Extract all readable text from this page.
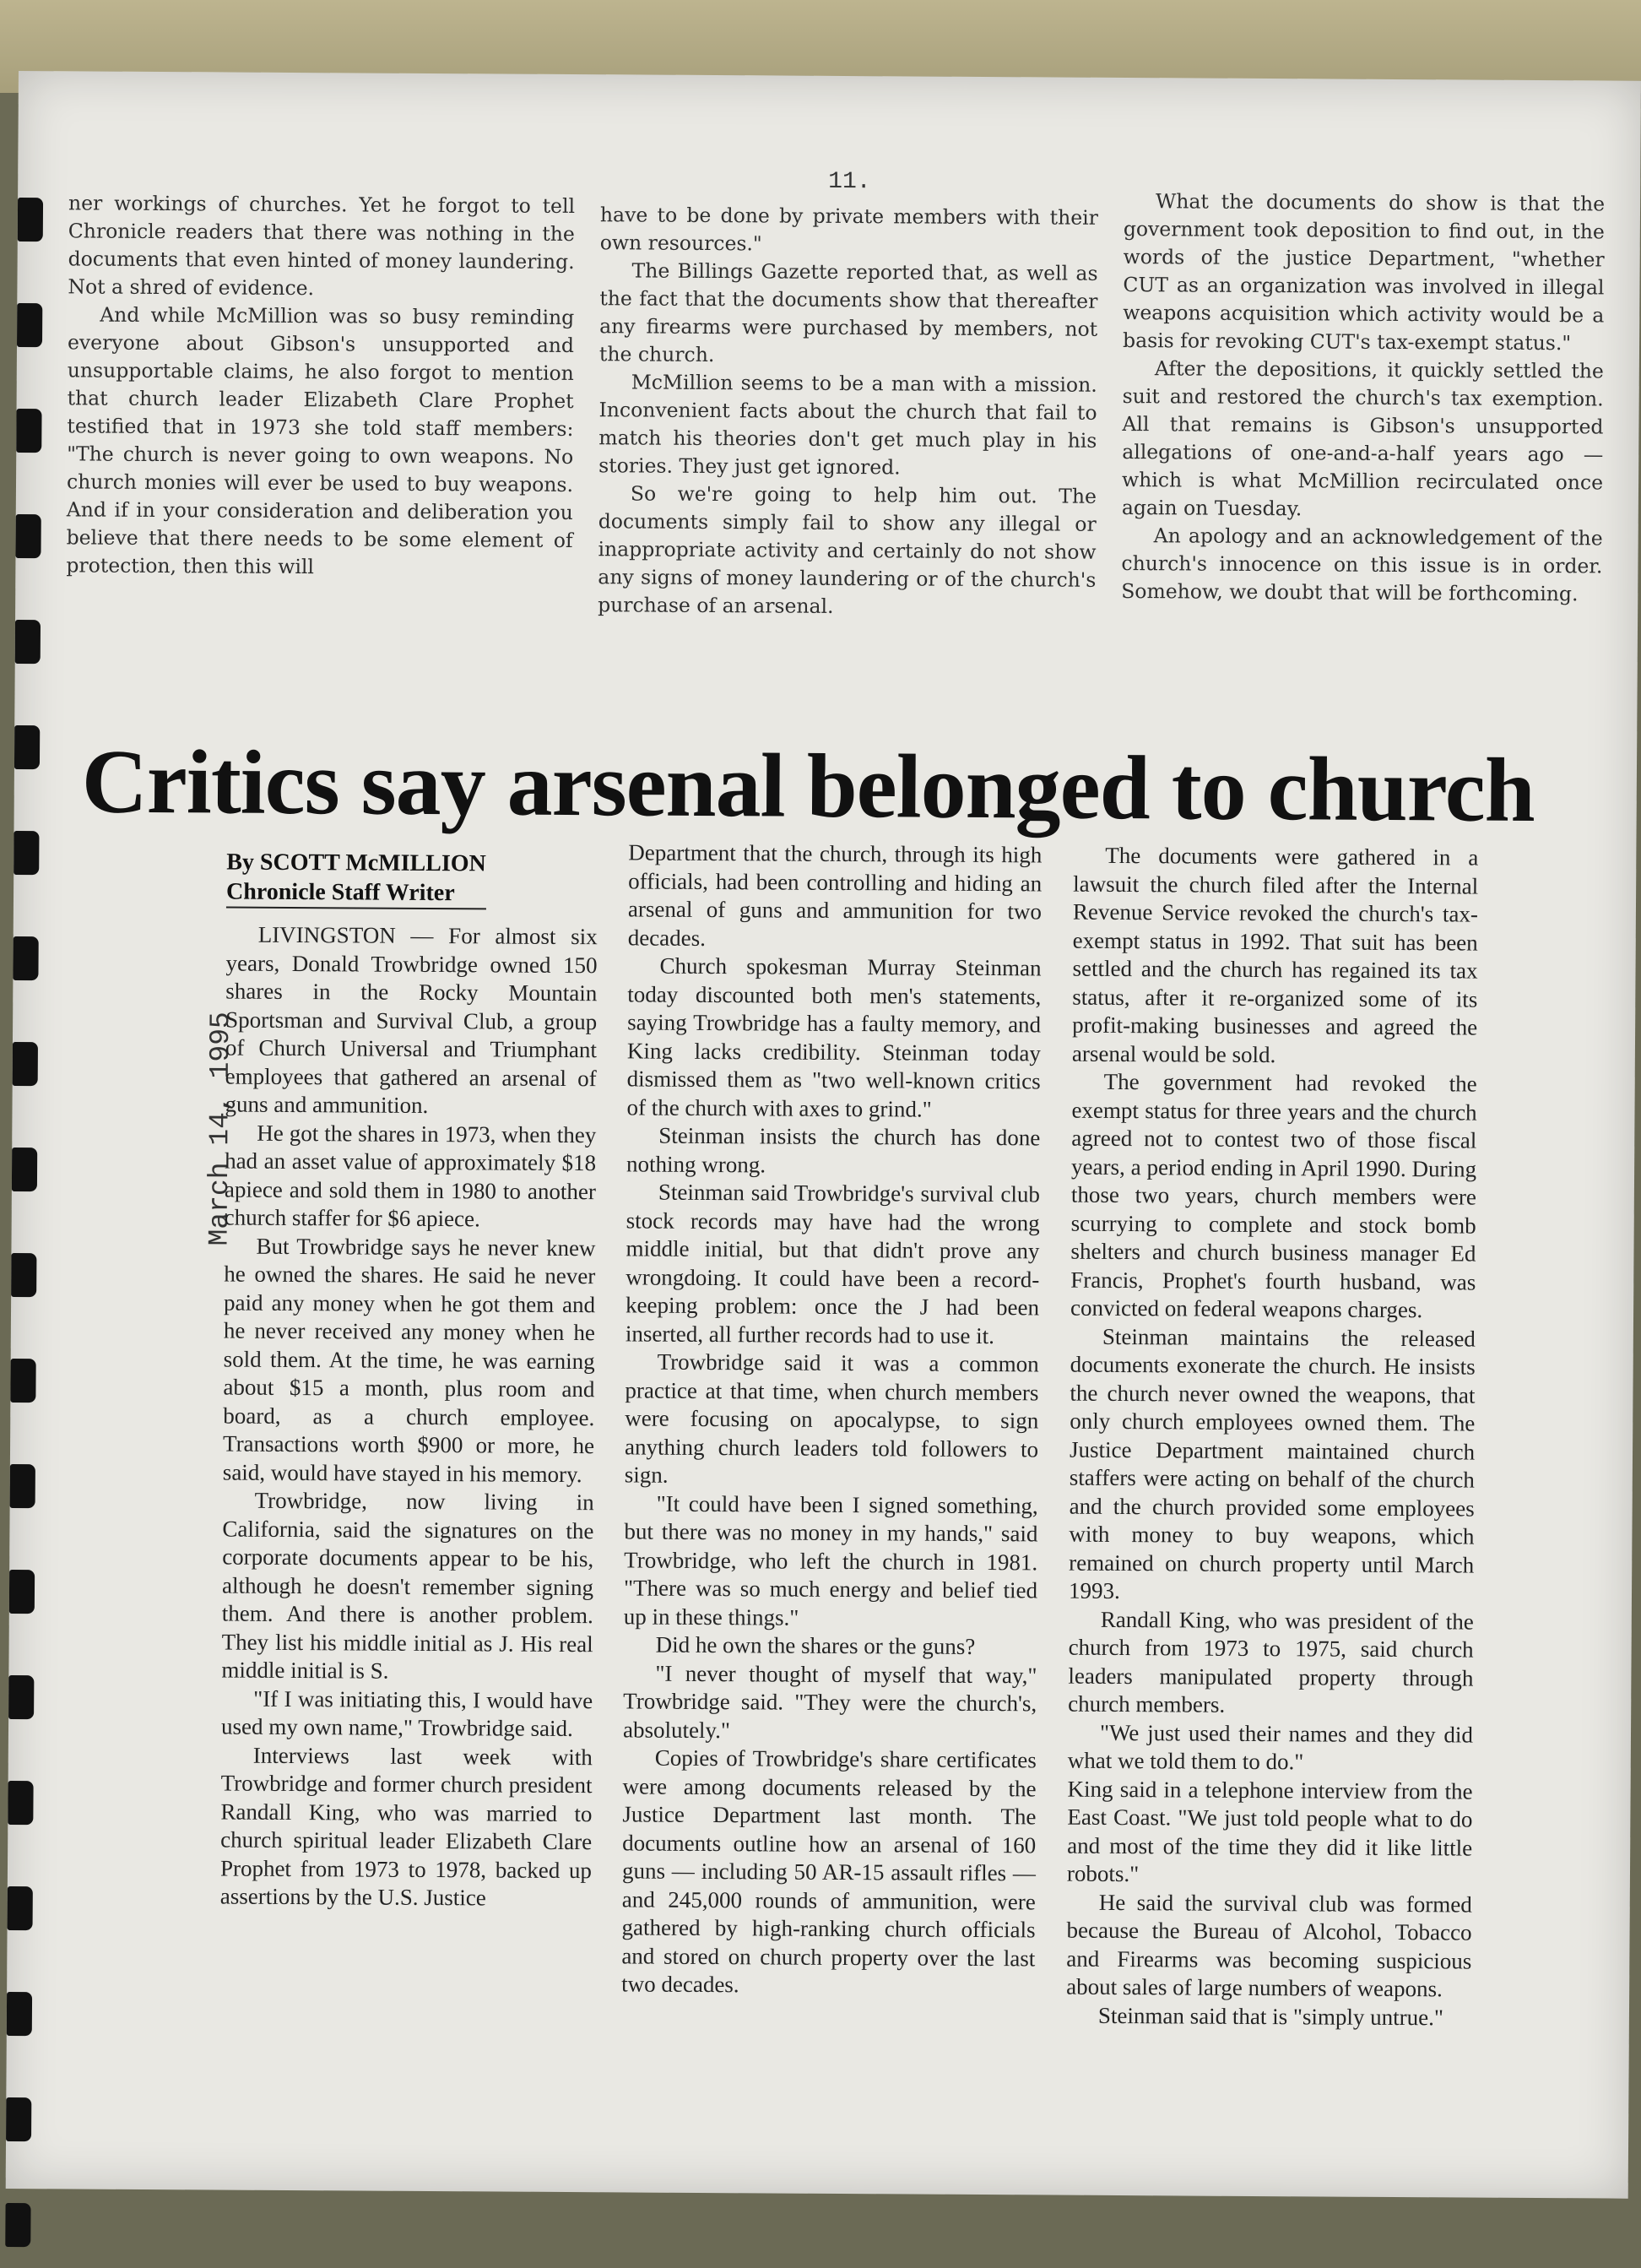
11.

ner workings of churches. Yet he forgot to tell Chronicle readers that there was nothing in the documents that even hinted of money laundering. Not a shred of evidence.

And while McMillion was so busy reminding everyone about Gibson's unsupported and unsupportable claims, he also forgot to mention that church leader Elizabeth Clare Prophet testified that in 1973 she told staff members: "The church is never going to own weapons. No church monies will ever be used to buy weapons. And if in your consideration and deliberation you believe that there needs to be some element of protection, then this will

have to be done by private members with their own resources."

The Billings Gazette reported that, as well as the fact that the documents show that thereafter any firearms were purchased by members, not the church.

McMillion seems to be a man with a mission. Inconvenient facts about the church that fail to match his theories don't get much play in his stories. They just get ignored.

So we're going to help him out. The documents simply fail to show any illegal or inappropriate activity and certainly do not show any signs of money laundering or of the church's purchase of an arsenal.

What the documents do show is that the government took deposition to find out, in the words of the justice Department, "whether CUT as an organization was involved in illegal weapons acquisition which activity would be a basis for revoking CUT's tax-exempt status."

After the depositions, it quickly settled the suit and restored the church's tax exemption. All that remains is Gibson's unsupported allegations of one-and-a-half years ago — which is what McMillion recirculated once again on Tuesday.

An apology and an acknowledgement of the church's innocence on this issue is in order. Somehow, we doubt that will be forthcoming.

Critics say arsenal belonged to church
By SCOTT McMILLION
Chronicle Staff Writer
March 14, 1995

LIVINGSTON — For almost six years, Donald Trowbridge owned 150 shares in the Rocky Mountain Sportsman and Survival Club, a group of Church Universal and Triumphant employees that gathered an arsenal of guns and ammunition.

He got the shares in 1973, when they had an asset value of approximately $18 apiece and sold them in 1980 to another church staffer for $6 apiece.

But Trowbridge says he never knew he owned the shares. He said he never paid any money when he got them and he never received any money when he sold them. At the time, he was earning about $15 a month, plus room and board, as a church employee. Transactions worth $900 or more, he said, would have stayed in his memory.

Trowbridge, now living in California, said the signatures on the corporate documents appear to be his, although he doesn't remember signing them. And there is another problem. They list his middle initial as J. His real middle initial is S.

"If I was initiating this, I would have used my own name," Trowbridge said.

Interviews last week with Trowbridge and former church president Randall King, who was married to church spiritual leader Elizabeth Clare Prophet from 1973 to 1978, backed up assertions by the U.S. Justice

Department that the church, through its high officials, had been controlling and hiding an arsenal of guns and ammunition for two decades.

Church spokesman Murray Steinman today discounted both men's statements, saying Trowbridge has a faulty memory, and King lacks credibility. Steinman today dismissed them as "two well-known critics of the church with axes to grind."

Steinman insists the church has done nothing wrong.

Steinman said Trowbridge's survival club stock records may have had the wrong middle initial, but that didn't prove any wrongdoing. It could have been a record-keeping problem: once the J had been inserted, all further records had to use it.

Trowbridge said it was a common practice at that time, when church members were focusing on apocalypse, to sign anything church leaders told followers to sign.

"It could have been I signed something, but there was no money in my hands," said Trowbridge, who left the church in 1981. "There was so much energy and belief tied up in these things."

Did he own the shares or the guns?

"I never thought of myself that way," Trowbridge said. "They were the church's, absolutely."

Copies of Trowbridge's share certificates were among documents released by the Justice Department last month. The documents outline how an arsenal of 160 guns — including 50 AR-15 assault rifles — and 245,000 rounds of ammunition, were gathered by high-ranking church officials and stored on church property over the last two decades.

The documents were gathered in a lawsuit the church filed after the Internal Revenue Service revoked the church's tax-exempt status in 1992. That suit has been settled and the church has regained its tax status, after it re-organized some of its profit-making businesses and agreed the arsenal would be sold.

The government had revoked the exempt status for three years and the church agreed not to contest two of those fiscal years, a period ending in April 1990. During those two years, church members were scurrying to complete and stock bomb shelters and church business manager Ed Francis, Prophet's fourth husband, was convicted on federal weapons charges.

Steinman maintains the released documents exonerate the church. He insists the church never owned the weapons, that only church employees owned them. The Justice Department maintained church staffers were acting on behalf of the church and the church provided some employees with money to buy weapons, which remained on church property until March 1993.

Randall King, who was president of the church from 1973 to 1975, said church leaders manipulated property through church members.

"We just used their names and they did what we told them to do."

King said in a telephone interview from the East Coast. "We just told people what to do and most of the time they did it like little robots."

He said the survival club was formed because the Bureau of Alcohol, Tobacco and Firearms was becoming suspicious about sales of large numbers of weapons.

Steinman said that is "simply untrue."
